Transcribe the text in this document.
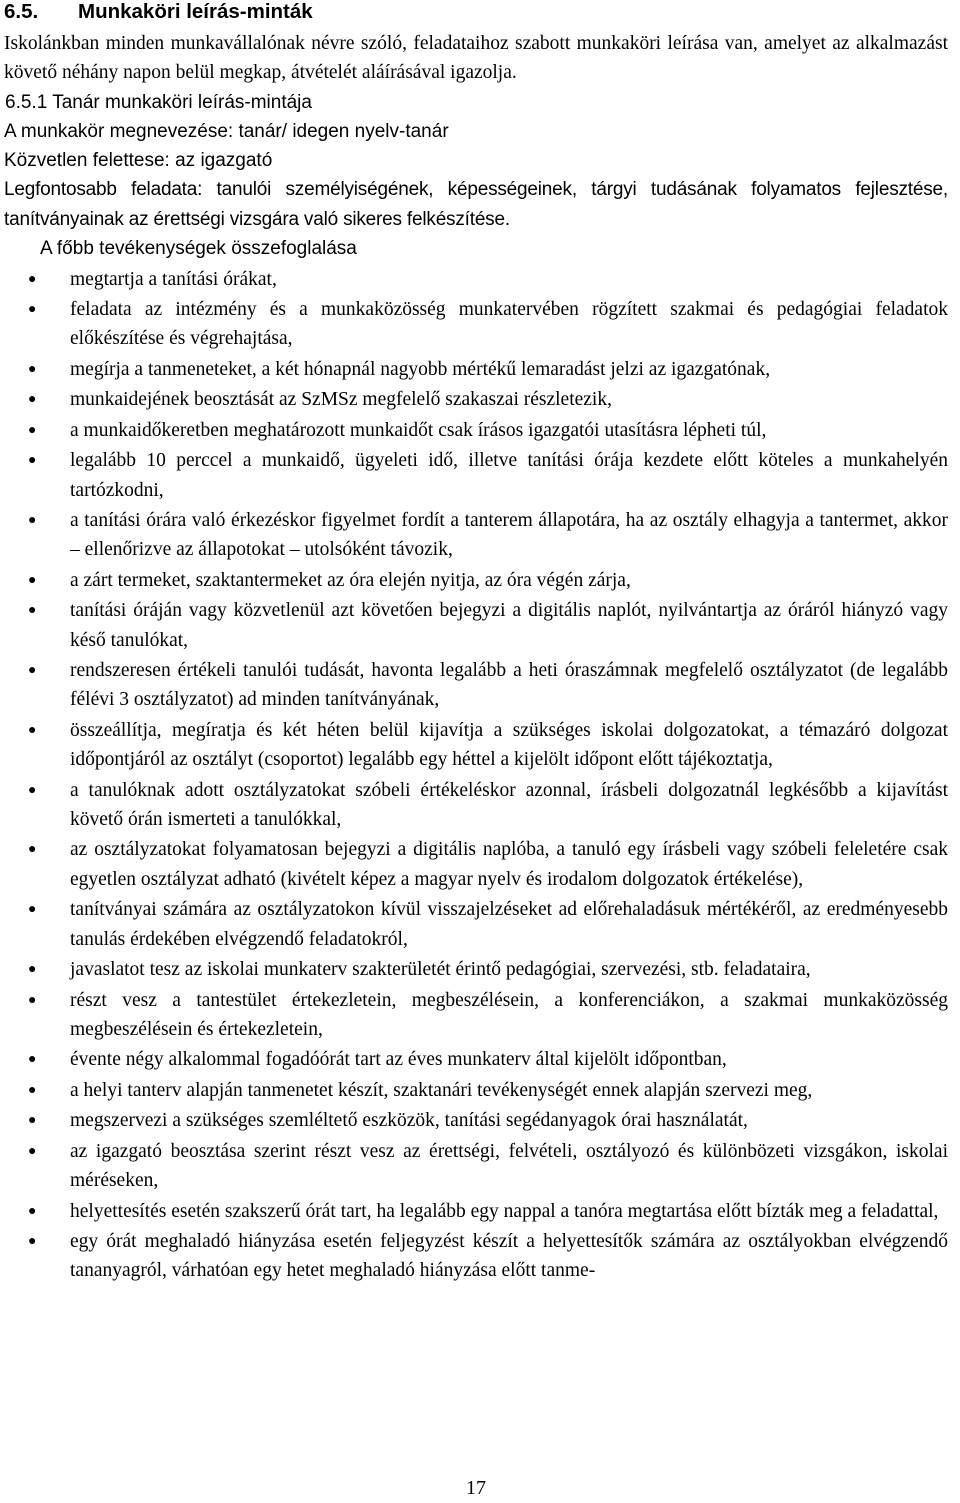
6.5. Munkaköri leírás-minták

Iskolánkban minden munkavállalónak névre szóló, feladataihoz szabott munkaköri leírása van, amelyet az alkalmazást követő néhány napon belül megkap, átvételét aláírásával igazolja.

6.5.1 Tanár munkaköri leírás-mintája

A munkakör megnevezése: tanár/ idegen nyelv-tanár

Közvetlen felettese: az igazgató

Legfontosabb feladata: tanulói személyiségének, képességeinek, tárgyi tudásának folyamatos fejlesztése, tanítványainak az érettségi vizsgára való sikeres felkészítése.

A főbb tevékenységek összefoglalása

● megtartja a tanítási órákat,
● feladata az intézmény és a munkaközösség munkatervében rögzített szakmai és pedagógiai feladatok előkészítése és végrehajtása,
● megírja a tanmeneteket, a két hónapnál nagyobb mértékű lemaradást jelzi az igazgatónak,
● munkaidejének beosztását az SzMSz megfelelő szakaszai részletezik,
● a munkaidőkeretben meghatározott munkaidőt csak írásos igazgatói utasításra lépheti túl,
● legalább 10 perccel a munkaidő, ügyeleti idő, illetve tanítási órája kezdete előtt köteles a munkahelyén tartózkodni,
● a tanítási órára való érkezéskor figyelmet fordít a tanterem állapotára, ha az osztály elhagyja a tantermet, akkor – ellenőrizve az állapotokat – utolsóként távozik,
● a zárt termeket, szaktantermeket az óra elején nyitja, az óra végén zárja,
● tanítási óráján vagy közvetlenül azt követően bejegyzi a digitális naplót, nyilvántartja az óráról hiányzó vagy késő tanulókat,
● rendszeresen értékeli tanulói tudását, havonta legalább a heti óraszámnak megfelelő osztályzatot (de legalább félévi 3 osztályzatot) ad minden tanítványának,
● összeállítja, megíratja és két héten belül kijavítja a szükséges iskolai dolgozatokat, a témazáró dolgozat időpontjáról az osztályt (csoportot) legalább egy héttel a kijelölt időpont előtt tájékoztatja,
● a tanulóknak adott osztályzatokat szóbeli értékeléskor azonnal, írásbeli dolgozatnál legkésőbb a kijavítást követő órán ismerteti a tanulókkal,
● az osztályzatokat folyamatosan bejegyzi a digitális naplóba, a tanuló egy írásbeli vagy szóbeli feleletére csak egyetlen osztályzat adható (kivételt képez a magyar nyelv és irodalom dolgozatok értékelése),
● tanítványai számára az osztályzatokon kívül visszajelzéseket ad előrehaladásuk mértékéről, az eredményesebb tanulás érdekében elvégzendő feladatokról,
● javaslatot tesz az iskolai munkaterv szakterületét érintő pedagógiai, szervezési, stb. feladataira,
● részt vesz a tantestület értekezletein, megbeszélésein, a konferenciákon, a szakmai munkaközösség megbeszélésein és értekezletein,
● évente négy alkalommal fogadóórát tart az éves munkaterv által kijelölt időpontban,
● a helyi tanterv alapján tanmenetet készít, szaktanári tevékenységét ennek alapján szervezi meg,
● megszervezi a szükséges szemléltető eszközök, tanítási segédanyagok órai használatát,
● az igazgató beosztása szerint részt vesz az érettségi, felvételi, osztályozó és különbözeti vizsgákon, iskolai méréseken,
● helyettesítés esetén szakszerű órát tart, ha legalább egy nappal a tanóra megtartása előtt bízták meg a feladattal,
● egy órát meghaladó hiányzása esetén feljegyzést készít a helyettesítők számára az osztályokban elvégzendő tananyagról, várhatóan egy hetet meghaladó hiányzása előtt tanme-
17
